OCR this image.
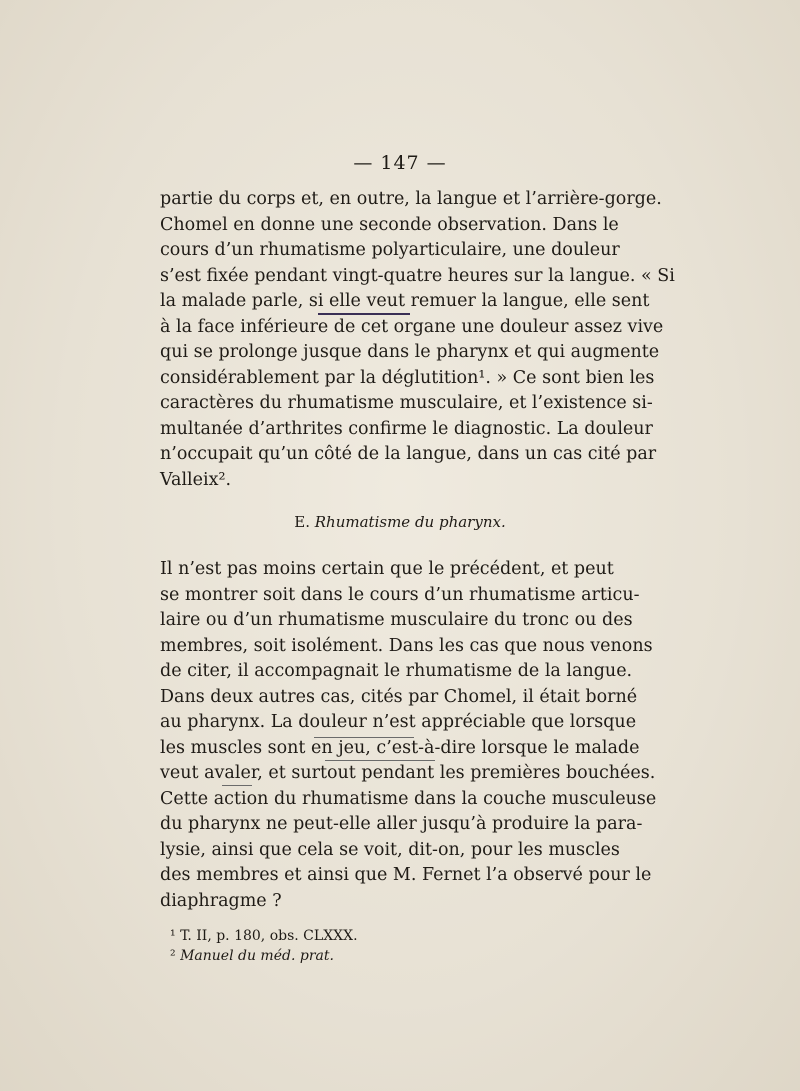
— 147 —
partie du corps et, en outre, la langue et l’arrière-gorge.
Chomel en donne une seconde observation. Dans le
cours d’un rhumatisme polyarticulaire, une douleur
s’est fixée pendant vingt-quatre heures sur la langue. « Si
la malade parle, si elle veut remuer la langue, elle sent
à la face inférieure de cet organe une douleur assez vive
qui se prolonge jusque dans le pharynx et qui augmente
considérablement par la déglutition¹. » Ce sont bien les
caractères du rhumatisme musculaire, et l’existence si-
multanée d’arthrites confirme le diagnostic. La douleur
n’occupait qu’un côté de la langue, dans un cas cité par
Valleix².
E. Rhumatisme du pharynx.
Il n’est pas moins certain que le précédent, et peut
se montrer soit dans le cours d’un rhumatisme articu-
laire ou d’un rhumatisme musculaire du tronc ou des
membres, soit isolément. Dans les cas que nous venons
de citer, il accompagnait le rhumatisme de la langue.
Dans deux autres cas, cités par Chomel, il était borné
au pharynx. La douleur n’est appréciable que lorsque
les muscles sont en jeu, c’est-à-dire lorsque le malade
veut avaler, et surtout pendant les premières bouchées.
Cette action du rhumatisme dans la couche musculeuse
du pharynx ne peut-elle aller jusqu’à produire la para-
lysie, ainsi que cela se voit, dit-on, pour les muscles
des membres et ainsi que M. Fernet l’a observé pour le
diaphragme ?
¹ T. II, p. 180, obs. CLXXX.
² Manuel du méd. prat.
